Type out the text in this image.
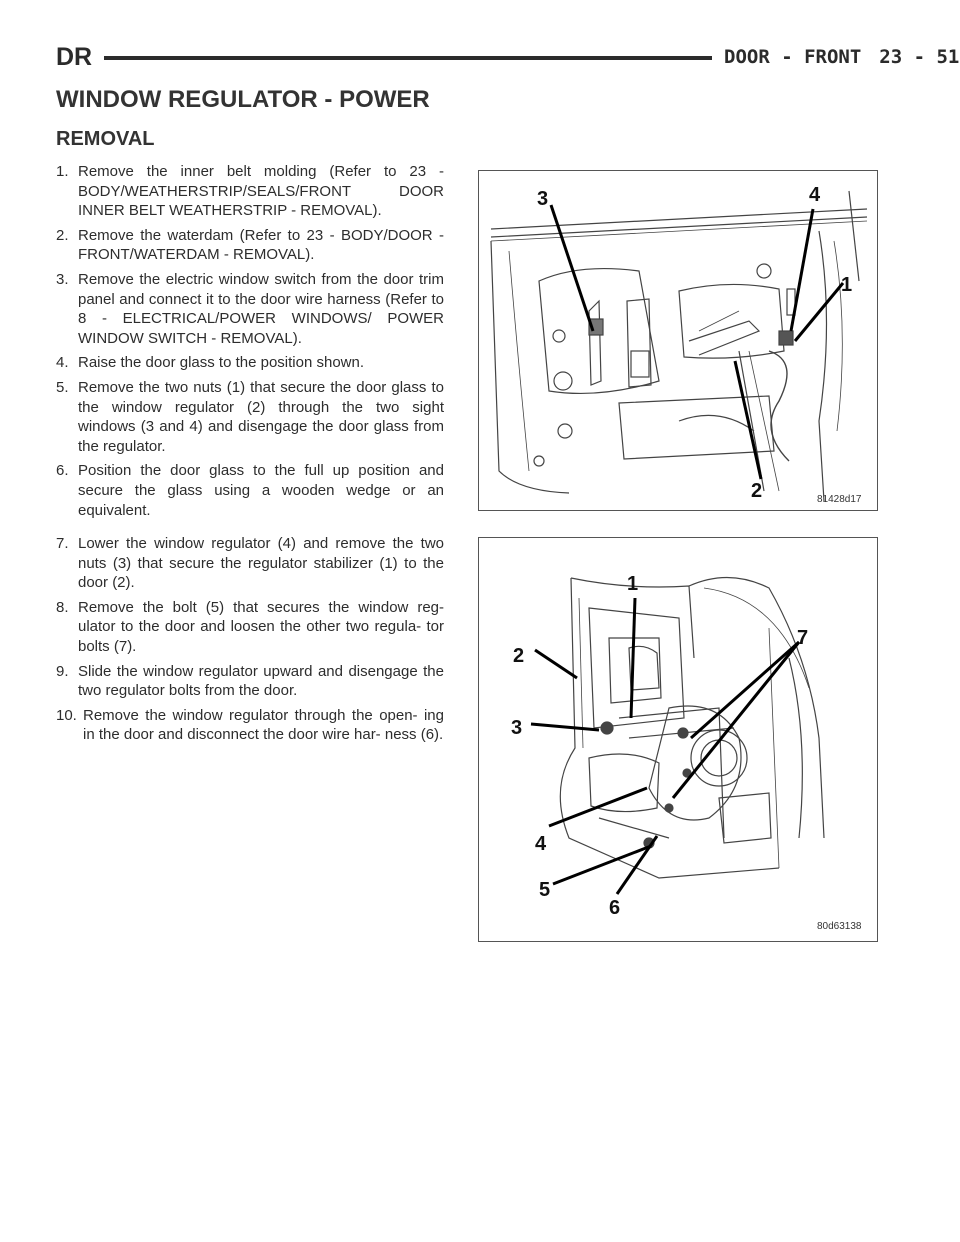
DR	DOOR - FRONT 23 - 51
WINDOW REGULATOR - POWER
REMOVAL
1. Remove the inner belt molding (Refer to 23 - BODY/WEATHERSTRIP/SEALS/FRONT DOOR INNER BELT WEATHERSTRIP - REMOVAL).
2. Remove the waterdam (Refer to 23 - BODY/DOOR - FRONT/WATERDAM - REMOVAL).
3. Remove the electric window switch from the door trim panel and connect it to the door wire harness (Refer to 8 - ELECTRICAL/POWER WINDOWS/ POWER WINDOW SWITCH - REMOVAL).
4. Raise the door glass to the position shown.
5. Remove the two nuts (1) that secure the door glass to the window regulator (2) through the two sight windows (3 and 4) and disengage the door glass from the regulator.
6. Position the door glass to the full up position and secure the glass using a wooden wedge or an equivalent.
7. Lower the window regulator (4) and remove the two nuts (3) that secure the regulator stabilizer (1) to the door (2).
8. Remove the bolt (5) that secures the window reg- ulator to the door and loosen the other two regula- tor bolts (7).
9. Slide the window regulator upward and disengage the two regulator bolts from the door.
10. Remove the window regulator through the open- ing in the door and disconnect the door wire har- ness (6).
3	4
1
2	81428d17
1
2
7
3
4
5
6
80d63138
